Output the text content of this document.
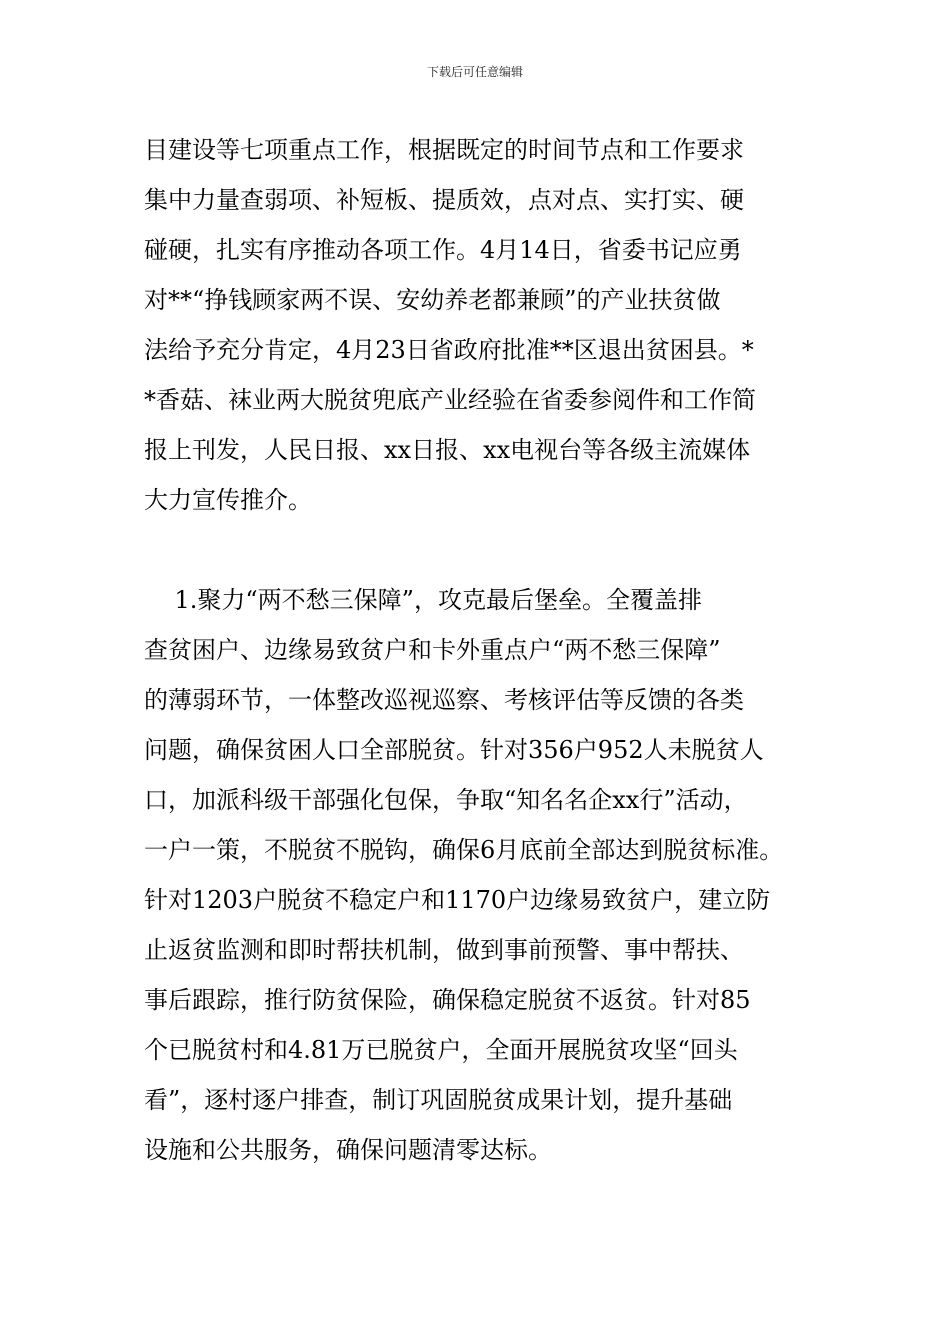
下载后可任意编辑
目建设等七项重点工作，根据既定的时间节点和工作要求
集中力量查弱项、补短板、提质效，点对点、实打实、硬
碰硬，扎实有序推动各项工作。4月14日，省委书记应勇
对**“挣钱顾家两不误、安幼养老都兼顾”的产业扶贫做
法给予充分肯定，4月23日省政府批准**区退出贫困县。*
*香菇、袜业两大脱贫兜底产业经验在省委参阅件和工作简
报上刊发，人民日报、xx日报、xx电视台等各级主流媒体
大力宣传推介。
1.聚力“两不愁三保障”，攻克最后堡垒。全覆盖排
查贫困户、边缘易致贫户和卡外重点户“两不愁三保障”
的薄弱环节，一体整改巡视巡察、考核评估等反馈的各类
问题，确保贫困人口全部脱贫。针对356户952人未脱贫人
口，加派科级干部强化包保，争取“知名名企xx行”活动，
一户一策，不脱贫不脱钩，确保6月底前全部达到脱贫标准。
针对1203户脱贫不稳定户和1170户边缘易致贫户，建立防
止返贫监测和即时帮扶机制，做到事前预警、事中帮扶、
事后跟踪，推行防贫保险，确保稳定脱贫不返贫。针对85
个已脱贫村和4.81万已脱贫户，全面开展脱贫攻坚“回头
看”，逐村逐户排查，制订巩固脱贫成果计划，提升基础
设施和公共服务，确保问题清零达标。
